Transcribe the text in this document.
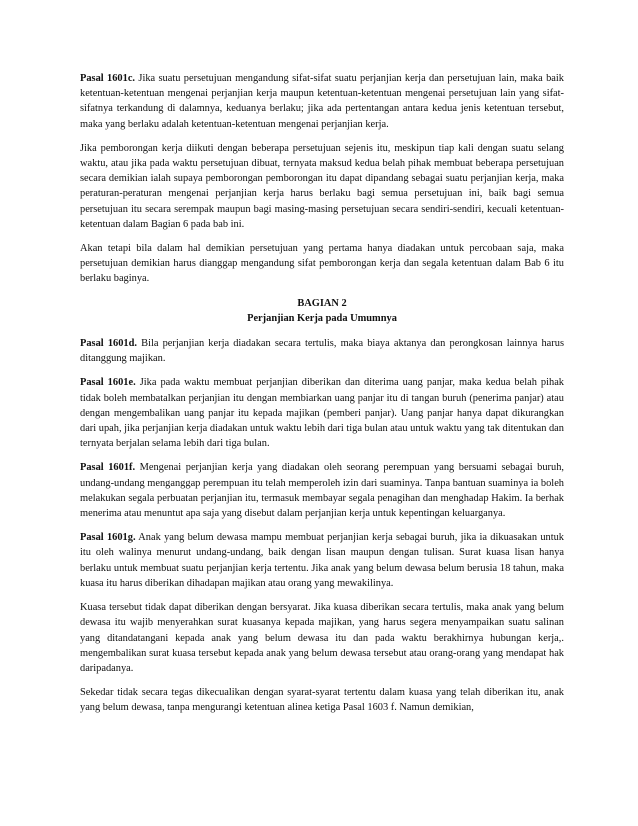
Pasal 1601c. Jika suatu persetujuan mengandung sifat-sifat suatu perjanjian kerja dan persetujuan lain, maka baik ketentuan-ketentuan mengenai perjanjian kerja maupun ketentuan-ketentuan mengenai persetujuan lain yang sifat-sifatnya terkandung di dalamnya, keduanya berlaku; jika ada pertentangan antara kedua jenis ketentuan tersebut, maka yang berlaku adalah ketentuan-ketentuan mengenai perjanjian kerja.

Jika pemborongan kerja diikuti dengan beberapa persetujuan sejenis itu, meskipun tiap kali dengan suatu selang waktu, atau jika pada waktu persetujuan dibuat, ternyata maksud kedua belah pihak membuat beberapa persetujuan secara demikian ialah supaya pemborongan pemborongan itu dapat dipandang sebagai suatu perjanjian kerja, maka peraturan-peraturan mengenai perjanjian kerja harus berlaku bagi semua persetujuan ini, baik bagi semua persetujuan itu secara serempak maupun bagi masing-masing persetujuan secara sendiri-sendiri, kecuali ketentuan-ketentuan dalam Bagian 6 pada bab ini.

Akan tetapi bila dalam hal demikian persetujuan yang pertama hanya diadakan untuk percobaan saja, maka persetujuan demikian harus dianggap mengandung sifat pemborongan kerja dan segala ketentuan dalam Bab 6 itu berlaku baginya.

BAGIAN 2
Perjanjian Kerja pada Umumnya

Pasal 1601d. Bila perjanjian kerja diadakan secara tertulis, maka biaya aktanya dan perongkosan lainnya harus ditanggung majikan.

Pasal 1601e. Jika pada waktu membuat perjanjian diberikan dan diterima uang panjar, maka kedua belah pihak tidak boleh membatalkan perjanjian itu dengan membiarkan uang panjar itu di tangan buruh (penerima panjar) atau dengan mengembalikan uang panjar itu kepada majikan (pemberi panjar). Uang panjar hanya dapat dikurangkan dari upah, jika perjanjian kerja diadakan untuk waktu lebih dari tiga bulan atau untuk waktu yang tak ditentukan dan ternyata berjalan selama lebih dari tiga bulan.

Pasal 1601f. Mengenai perjanjian kerja yang diadakan oleh seorang perempuan yang bersuami sebagai buruh, undang-undang menganggap perempuan itu telah memperoleh izin dari suaminya. Tanpa bantuan suaminya ia boleh melakukan segala perbuatan perjanjian itu, termasuk membayar segala penagihan dan menghadap Hakim. Ia berhak menerima atau menuntut apa saja yang disebut dalam perjanjian kerja untuk kepentingan keluarganya.

Pasal 1601g. Anak yang belum dewasa mampu membuat perjanjian kerja sebagai buruh, jika ia dikuasakan untuk itu oleh walinya menurut undang-undang, baik dengan lisan maupun dengan tulisan. Surat kuasa lisan hanya berlaku untuk membuat suatu perjanjian kerja tertentu. Jika anak yang belum dewasa belum berusia 18 tahun, maka kuasa itu harus diberikan dihadapan majikan atau orang yang mewakilinya.

Kuasa tersebut tidak dapat diberikan dengan bersyarat. Jika kuasa diberikan secara tertulis, maka anak yang belum dewasa itu wajib menyerahkan surat kuasanya kepada majikan, yang harus segera menyampaikan suatu salinan yang ditandatangani kepada anak yang belum dewasa itu dan pada waktu berakhirnya hubungan kerja,. mengembalikan surat kuasa tersebut kepada anak yang belum dewasa tersebut atau orang-orang yang mendapat hak daripadanya.

Sekedar tidak secara tegas dikecualikan dengan syarat-syarat tertentu dalam kuasa yang telah diberikan itu, anak yang belum dewasa, tanpa mengurangi ketentuan alinea ketiga Pasal 1603 f. Namun demikian,
